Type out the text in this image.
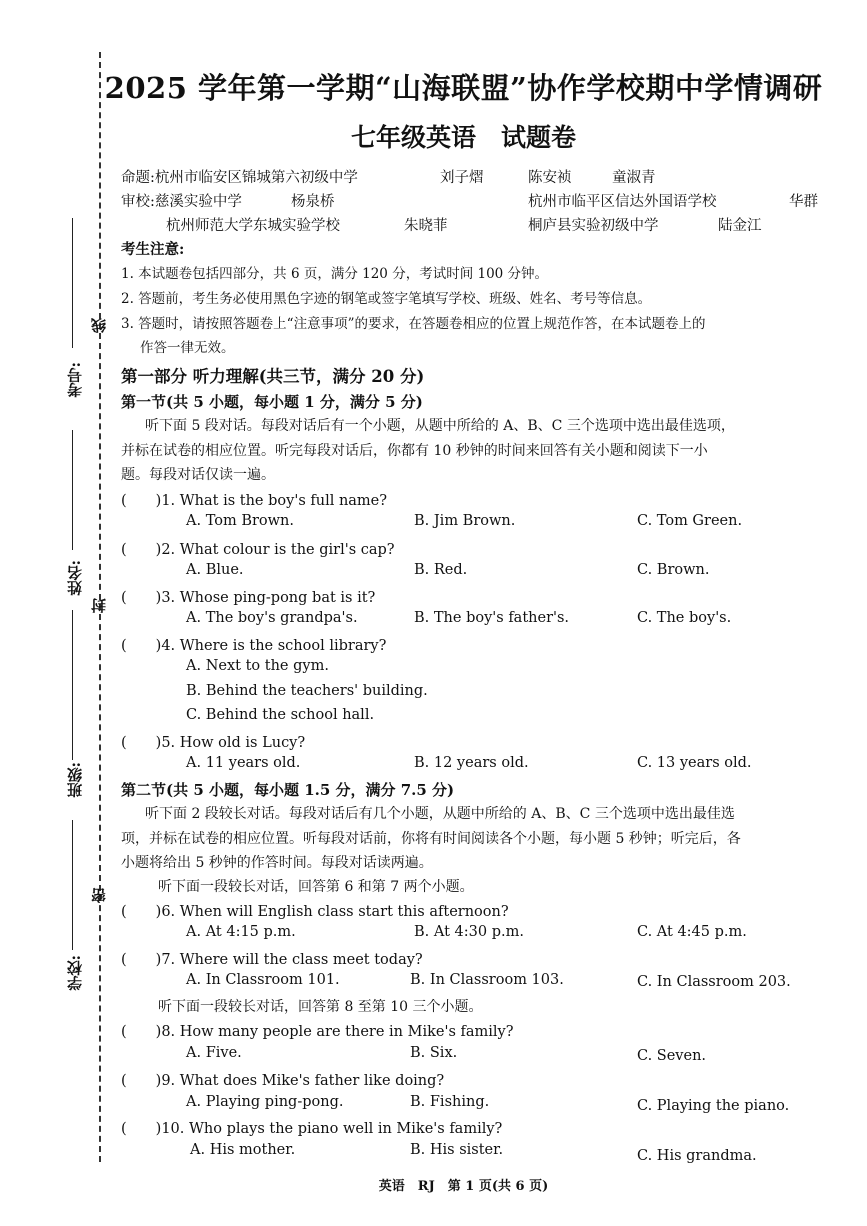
线
封
密
考号:
姓名:
班级:
学校:
2025 学年第一学期“山海联盟”协作学校期中学情调研
七年级英语　试题卷
命题:杭州市临安区锦城第六初级中学	刘子熠	陈安祯	童淑青
审校:慈溪实验中学	杨泉桥	杭州市临平区信达外国语学校	华群
杭州师范大学东城实验学校	朱晓菲	桐庐县实验初级中学	陆金江
考生注意:
1. 本试题卷包括四部分，共 6 页，满分 120 分，考试时间 100 分钟。
2. 答题前，考生务必使用黑色字迹的钢笔或签字笔填写学校、班级、姓名、考号等信息。
3. 答题时，请按照答题卷上“注意事项”的要求，在答题卷相应的位置上规范作答，在本试题卷上的
作答一律无效。
第一部分 听力理解(共三节，满分 20 分)
第一节(共 5 小题，每小题 1 分，满分 5 分)
听下面 5 段对话。每段对话后有一个小题，从题中所给的 A、B、C 三个选项中选出最佳选项，
并标在试卷的相应位置。听完每段对话后，你都有 10 秒钟的时间来回答有关小题和阅读下一小
题。每段对话仅读一遍。
(　　)1. What is the boy's full name?
A. Tom Brown.	B. Jim Brown.	C. Tom Green.
(　　)2. What colour is the girl's cap?
A. Blue.	B. Red.	C. Brown.
(　　)3. Whose ping-pong bat is it?
A. The boy's grandpa's.	B. The boy's father's.	C. The boy's.
(　　)4. Where is the school library?
A. Next to the gym.
B. Behind the teachers' building.
C. Behind the school hall.
(　　)5. How old is Lucy?
A. 11 years old.	B. 12 years old.	C. 13 years old.
第二节(共 5 小题，每小题 1.5 分，满分 7.5 分)
听下面 2 段较长对话。每段对话后有几个小题，从题中所给的 A、B、C 三个选项中选出最佳选
项，并标在试卷的相应位置。听每段对话前，你将有时间阅读各个小题，每小题 5 秒钟；听完后，各
小题将给出 5 秒钟的作答时间。每段对话读两遍。
听下面一段较长对话，回答第 6 和第 7 两个小题。
(　　)6. When will English class start this afternoon?
A. At 4:15 p.m.	B. At 4:30 p.m.	C. At 4:45 p.m.
(　　)7. Where will the class meet today?
A. In Classroom 101.	B. In Classroom 103.	C. In Classroom 203.
听下面一段较长对话，回答第 8 至第 10 三个小题。
(　　)8. How many people are there in Mike's family?
A. Five.	B. Six.	C. Seven.
(　　)9. What does Mike's father like doing?
A. Playing ping-pong.	B. Fishing.	C. Playing the piano.
(　　)10. Who plays the piano well in Mike's family?
A. His mother.	B. His sister.	C. His grandma.
英语　RJ　第 1 页(共 6 页)
